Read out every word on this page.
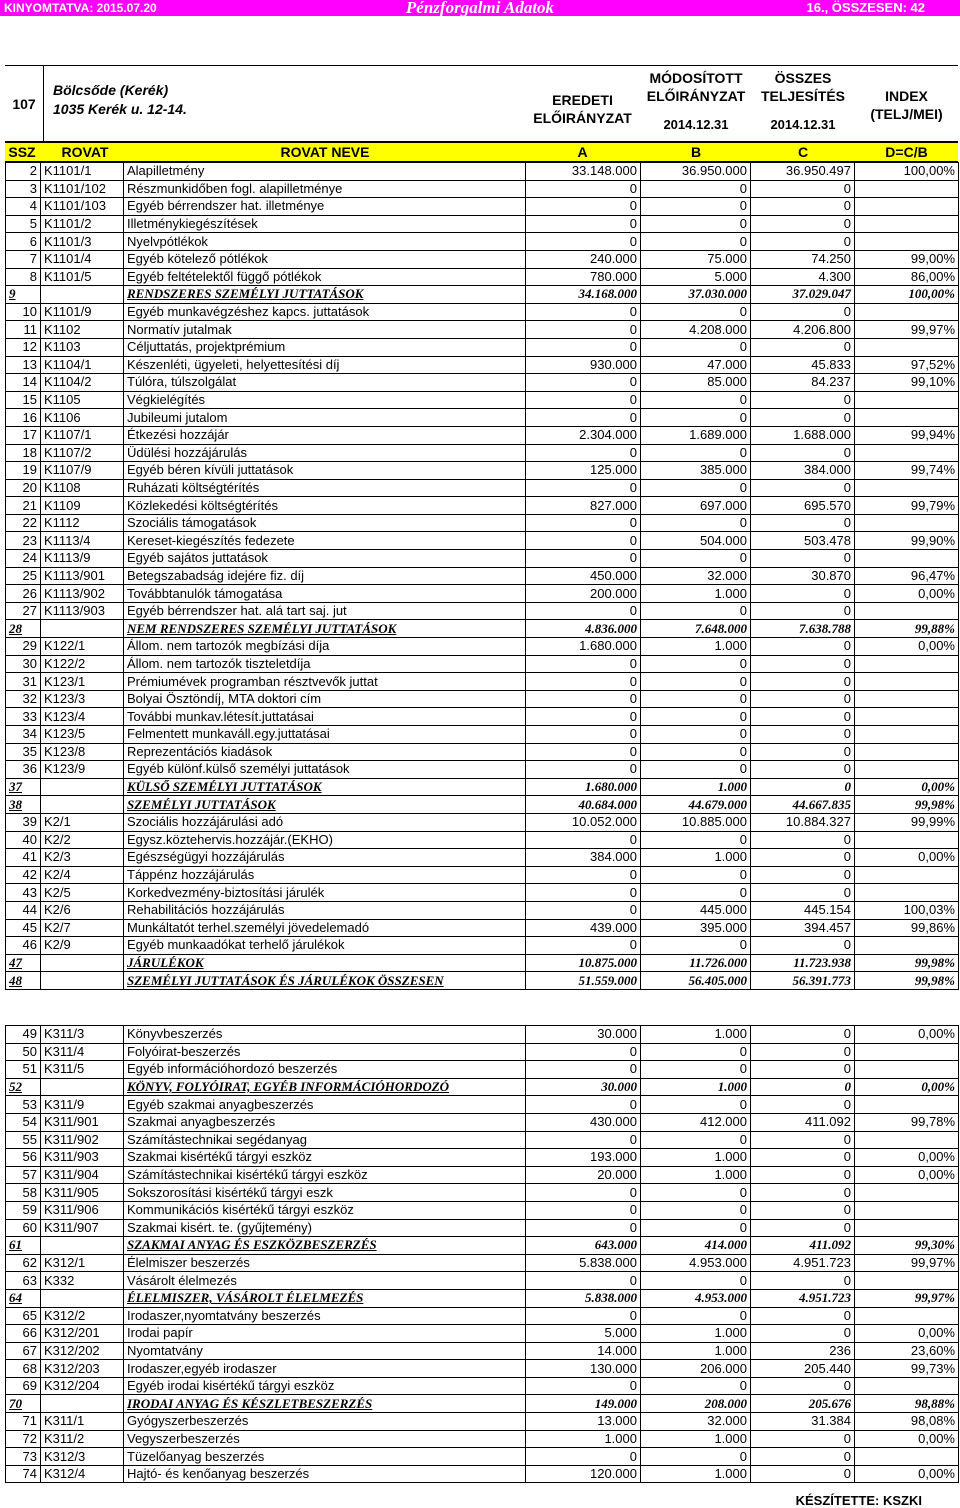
KINYOMTATVA: 2015.07.20	Pénzforgalmi Adatok	16., ÖSSZESEN: 42
107
Bölcsőde (Kerék)
1035 Kerék u. 12-14.
EREDETI
ELŐIRÁNYZAT
MÓDOSÍTOTT
ELŐIRÁNYZAT
2014.12.31
ÖSSZES
TELJESÍTÉS
2014.12.31
INDEX
(TELJ/MEI)
SSZ	ROVAT	ROVAT NEVE	A	B	C	D=C/B
2	K1101/1	Alapilletmény	33.148.000	36.950.000	36.950.497	100,00%
3	K1101/102	Részmunkidőben fogl. alapilletménye	0	0	0	
4	K1101/103	Egyéb bérrendszer hat. illetménye	0	0	0	
5	K1101/2	Illetménykiegészítések	0	0	0	
6	K1101/3	Nyelvpótlékok	0	0	0	
7	K1101/4	Egyéb kötelező pótlékok	240.000	75.000	74.250	99,00%
8	K1101/5	Egyéb feltételektől függő pótlékok	780.000	5.000	4.300	86,00%
9		RENDSZERES SZEMÉLYI JUTTATÁSOK	34.168.000	37.030.000	37.029.047	100,00%
10	K1101/9	Egyéb munkavégzéshez kapcs. juttatások	0	0	0	
11	K1102	Normatív jutalmak	0	4.208.000	4.206.800	99,97%
12	K1103	Céljuttatás, projektprémium	0	0	0	
13	K1104/1	Készenléti, ügyeleti, helyettesítési díj	930.000	47.000	45.833	97,52%
14	K1104/2	Túlóra, túlszolgálat	0	85.000	84.237	99,10%
15	K1105	Végkielégítés	0	0	0	
16	K1106	Jubileumi jutalom	0	0	0	
17	K1107/1	Étkezési hozzájár	2.304.000	1.689.000	1.688.000	99,94%
18	K1107/2	Üdülési hozzájárulás	0	0	0	
19	K1107/9	Egyéb béren kívüli juttatások	125.000	385.000	384.000	99,74%
20	K1108	Ruházati költségtérítés	0	0	0	
21	K1109	Közlekedési költségtérítés	827.000	697.000	695.570	99,79%
22	K1112	Szociális támogatások	0	0	0	
23	K1113/4	Kereset-kiegészítés fedezete	0	504.000	503.478	99,90%
24	K1113/9	Egyéb sajátos juttatások	0	0	0	
25	K1113/901	Betegszabadság idejére fiz. díj	450.000	32.000	30.870	96,47%
26	K1113/902	Továbbtanulók támogatása	200.000	1.000	0	0,00%
27	K1113/903	Egyéb bérrendszer hat. alá tart saj. jut	0	0	0	
28		NEM RENDSZERES SZEMÉLYI JUTTATÁSOK	4.836.000	7.648.000	7.638.788	99,88%
29	K122/1	Állom. nem tartozók megbízási díja	1.680.000	1.000	0	0,00%
30	K122/2	Állom. nem tartozók tiszteletdíja	0	0	0	
31	K123/1	Prémiumévek programban résztvevők juttat	0	0	0	
32	K123/3	Bolyai Ösztöndíj, MTA doktori cím	0	0	0	
33	K123/4	További munkav.létesít.juttatásai	0	0	0	
34	K123/5	Felmentett munkaváll.egy.juttatásai	0	0	0	
35	K123/8	Reprezentációs kiadások	0	0	0	
36	K123/9	Egyéb különf.külső személyi juttatások	0	0	0	
37		KÜLSŐ SZEMÉLYI JUTTATÁSOK	1.680.000	1.000	0	0,00%
38		SZEMÉLYI JUTTATÁSOK	40.684.000	44.679.000	44.667.835	99,98%
39	K2/1	Szociális hozzájárulási adó	10.052.000	10.885.000	10.884.327	99,99%
40	K2/2	Egysz.köztehervis.hozzájár.(EKHO)	0	0	0	
41	K2/3	Egészségügyi hozzájárulás	384.000	1.000	0	0,00%
42	K2/4	Táppénz hozzájárulás	0	0	0	
43	K2/5	Korkedvezmény-biztosítási járulék	0	0	0	
44	K2/6	Rehabilitációs hozzájárulás	0	445.000	445.154	100,03%
45	K2/7	Munkáltatót terhel.személyi jövedelemadó	439.000	395.000	394.457	99,86%
46	K2/9	Egyéb munkaadókat terhelő járulékok	0	0	0	
47		JÁRULÉKOK	10.875.000	11.726.000	11.723.938	99,98%
48		SZEMÉLYI JUTTATÁSOK ÉS JÁRULÉKOK ÖSSZESEN	51.559.000	56.405.000	56.391.773	99,98%
49	K311/3	Könyvbeszerzés	30.000	1.000	0	0,00%
50	K311/4	Folyóirat-beszerzés	0	0	0	
51	K311/5	Egyéb információhordozó beszerzés	0	0	0	
52		KÖNYV, FOLYÓIRAT, EGYÉB INFORMÁCIÓHORDOZÓ	30.000	1.000	0	0,00%
53	K311/9	Egyéb szakmai anyagbeszerzés	0	0	0	
54	K311/901	Szakmai anyagbeszerzés	430.000	412.000	411.092	99,78%
55	K311/902	Számítástechnikai segédanyag	0	0	0	
56	K311/903	Szakmai kisértékű tárgyi eszköz	193.000	1.000	0	0,00%
57	K311/904	Számítástechnikai kisértékű tárgyi eszköz	20.000	1.000	0	0,00%
58	K311/905	Sokszorosítási kisértékű tárgyi eszk	0	0	0	
59	K311/906	Kommunikációs kisértékű tárgyi eszköz	0	0	0	
60	K311/907	Szakmai kisért. te. (gyűjtemény)	0	0	0	
61		SZAKMAI ANYAG ÉS ESZKÖZBESZERZÉS	643.000	414.000	411.092	99,30%
62	K312/1	Élelmiszer beszerzés	5.838.000	4.953.000	4.951.723	99,97%
63	K332	Vásárolt élelmezés	0	0	0	
64		ÉLELMISZER, VÁSÁROLT ÉLELMEZÉS	5.838.000	4.953.000	4.951.723	99,97%
65	K312/2	Irodaszer,nyomtatvány beszerzés	0	0	0	
66	K312/201	Irodai papír	5.000	1.000	0	0,00%
67	K312/202	Nyomtatvány	14.000	1.000	236	23,60%
68	K312/203	Irodaszer,egyéb irodaszer	130.000	206.000	205.440	99,73%
69	K312/204	Egyéb irodai kisértékű tárgyi eszköz	0	0	0	
70		IRODAI ANYAG ÉS KÉSZLETBESZERZÉS	149.000	208.000	205.676	98,88%
71	K311/1	Gyógyszerbeszerzés	13.000	32.000	31.384	98,08%
72	K311/2	Vegyszerbeszerzés	1.000	1.000	0	0,00%
73	K312/3	Tüzelőanyag beszerzés	0	0	0	
74	K312/4	Hajtó- és kenőanyag beszerzés	120.000	1.000	0	0,00%
KÉSZÍTETTE: KSZKI
